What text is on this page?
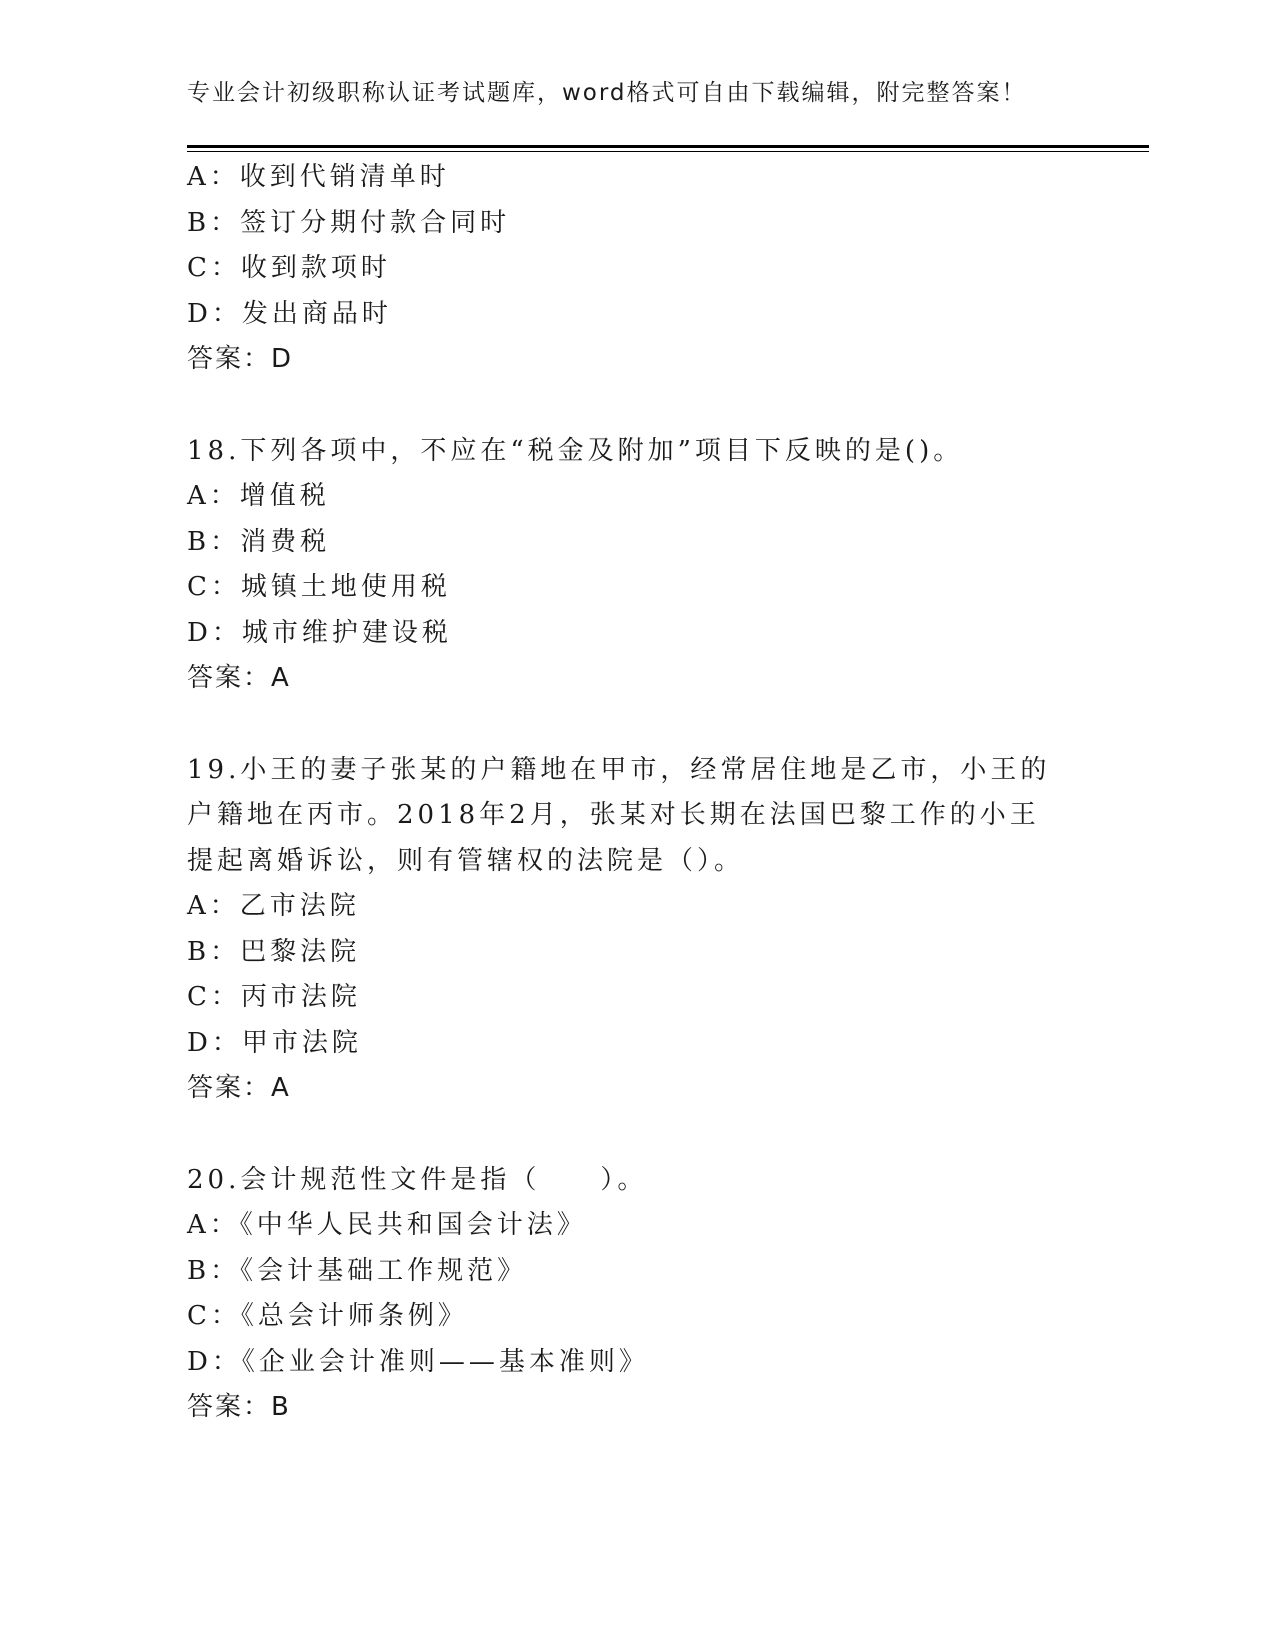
专业会计初级职称认证考试题库，word格式可自由下载编辑，附完整答案！
A：收到代销清单时
B：签订分期付款合同时
C：收到款项时
D：发出商品时
答案：D
18.下列各项中，不应在“税金及附加”项目下反映的是()。
A：增值税
B：消费税
C：城镇土地使用税
D：城市维护建设税
答案：A
19.小王的妻子张某的户籍地在甲市，经常居住地是乙市，小王的户籍地在丙市。2018年2月，张某对长期在法国巴黎工作的小王提起离婚诉讼，则有管辖权的法院是（）。
A：乙市法院
B：巴黎法院
C：丙市法院
D：甲市法院
答案：A
20.会计规范性文件是指（　　）。
A：《中华人民共和国会计法》
B：《会计基础工作规范》
C：《总会计师条例》
D：《企业会计准则——基本准则》
答案：B
